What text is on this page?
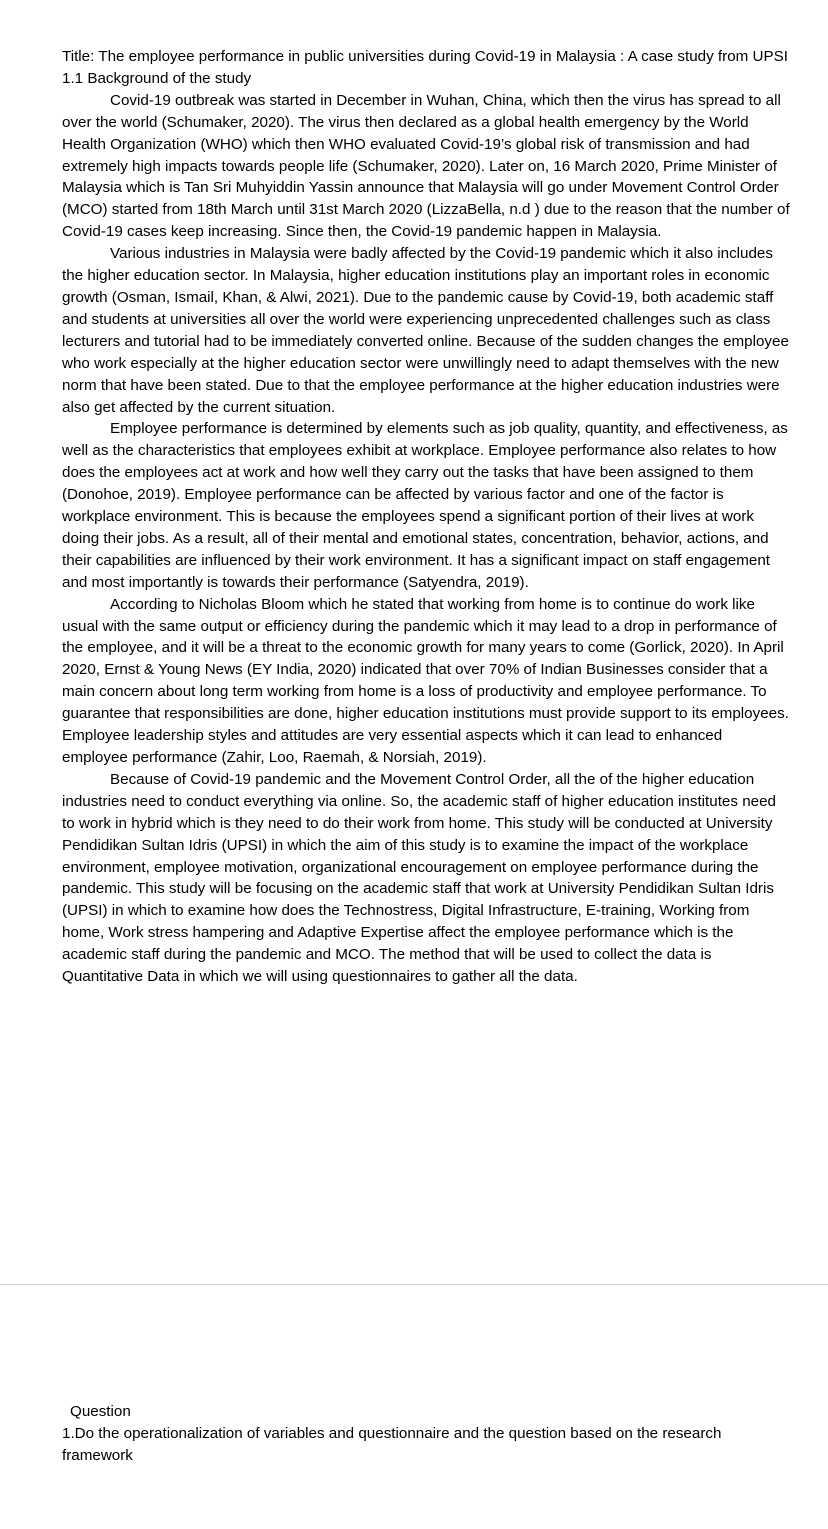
Title: The employee performance in public universities during Covid-19 in Malaysia : A case study from UPSI

1.1 Background of the study

Covid-19 outbreak was started in December in Wuhan, China, which then the virus has spread to all over the world (Schumaker, 2020). The virus then declared as a global health emergency by the World Health Organization (WHO) which then WHO evaluated Covid-19’s global risk of transmission and had extremely high impacts towards people life (Schumaker, 2020). Later on, 16 March 2020, Prime Minister of Malaysia which is Tan Sri Muhyiddin Yassin announce that Malaysia will go under Movement Control Order (MCO) started from 18th March until 31st March 2020 (LizzaBella, n.d ) due to the reason that the number of Covid-19 cases keep increasing. Since then, the Covid-19 pandemic happen in Malaysia.

Various industries in Malaysia were badly affected by the Covid-19 pandemic which it also includes the higher education sector. In Malaysia, higher education institutions play an important roles in economic growth (Osman, Ismail, Khan, & Alwi, 2021). Due to the pandemic cause by Covid-19, both academic staff and students at universities all over the world were experiencing unprecedented challenges such as class lecturers and tutorial had to be immediately converted online. Because of the sudden changes the employee who work especially at the higher education sector were unwillingly need to adapt themselves with the new norm that have been stated. Due to that the employee performance at the higher education industries were also get affected by the current situation.

Employee performance is determined by elements such as job quality, quantity, and effectiveness, as well as the characteristics that employees exhibit at workplace. Employee performance also relates to how does the employees act at work and how well they carry out the tasks that have been assigned to them (Donohoe, 2019). Employee performance can be affected by various factor and one of the factor is workplace environment. This is because the employees spend a significant portion of their lives at work doing their jobs. As a result, all of their mental and emotional states, concentration, behavior, actions, and their capabilities are influenced by their work environment. It has a significant impact on staff engagement and most importantly is towards their performance (Satyendra, 2019).

According to Nicholas Bloom which he stated that working from home is to continue do work like usual with the same output or efficiency during the pandemic which it may lead to a drop in performance of the employee, and it will be a threat to the economic growth for many years to come (Gorlick, 2020). In April 2020, Ernst & Young News (EY India, 2020) indicated that over 70% of Indian Businesses consider that a main concern about long term working from home is a loss of productivity and employee performance. To guarantee that responsibilities are done, higher education institutions must provide support to its employees. Employee leadership styles and attitudes are very essential aspects which it can lead to enhanced employee performance (Zahir, Loo, Raemah, & Norsiah, 2019).

Because of Covid-19 pandemic and the Movement Control Order, all the of the higher education industries need to conduct everything via online. So, the academic staff of higher education institutes need to work in hybrid which is they need to do their work from home. This study will be conducted at University Pendidikan Sultan Idris (UPSI) in which the aim of this study is to examine the impact of the workplace environment, employee motivation, organizational encouragement on employee performance during the pandemic. This study will be focusing on the academic staff that work at University Pendidikan Sultan Idris (UPSI) in which to examine how does the Technostress, Digital Infrastructure, E-training, Working from home, Work stress hampering and Adaptive Expertise affect the employee performance which is the academic staff during the pandemic and MCO. The method that will be used to collect the data is Quantitative Data in which we will using questionnaires to gather all the data.

Question

1.Do the operationalization of variables and questionnaire and the question based on the research framework
